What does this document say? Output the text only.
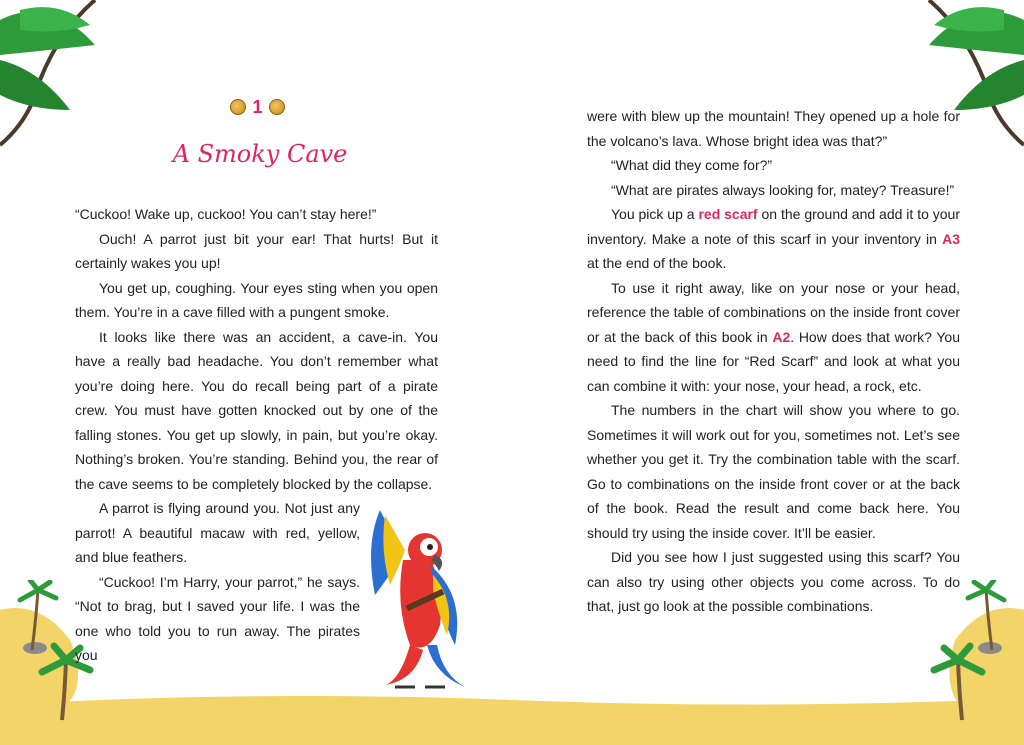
1
A Smoky Cave

“Cuckoo! Wake up, cuckoo! You can’t stay here!”

Ouch! A parrot just bit your ear! That hurts! But it certainly wakes you up!

You get up, coughing. Your eyes sting when you open them. You’re in a cave filled with a pungent smoke.

It looks like there was an accident, a cave-in. You have a really bad headache. You don’t remember what you’re doing here. You do recall being part of a pirate crew. You must have gotten knocked out by one of the falling stones. You get up slowly, in pain, but you’re okay. Nothing’s broken. You’re standing. Behind you, the rear of the cave seems to be completely blocked by the collapse.

A parrot is flying around you. Not just any parrot! A beautiful macaw with red, yellow, and blue feathers.

“Cuckoo! I’m Harry, your parrot,” he says. “Not to brag, but I saved your life. I was the one who told you to run away. The pirates you

were with blew up the mountain! They opened up a hole for the volcano’s lava. Whose bright idea was that?”

“What did they come for?”

“What are pirates always looking for, matey? Treasure!”

You pick up a red scarf on the ground and add it to your inventory. Make a note of this scarf in your inventory in A3 at the end of the book.

To use it right away, like on your nose or your head, reference the table of combinations on the inside front cover or at the back of this book in A2. How does that work? You need to find the line for “Red Scarf” and look at what you can combine it with: your nose, your head, a rock, etc.

The numbers in the chart will show you where to go. Sometimes it will work out for you, sometimes not. Let’s see whether you get it. Try the combination table with the scarf. Go to combinations on the inside front cover or at the back of the book. Read the result and come back here. You should try using the inside cover. It’ll be easier.

Did you see how I just suggested using this scarf? You can also try using other objects you come across. To do that, just go look at the possible combinations.
